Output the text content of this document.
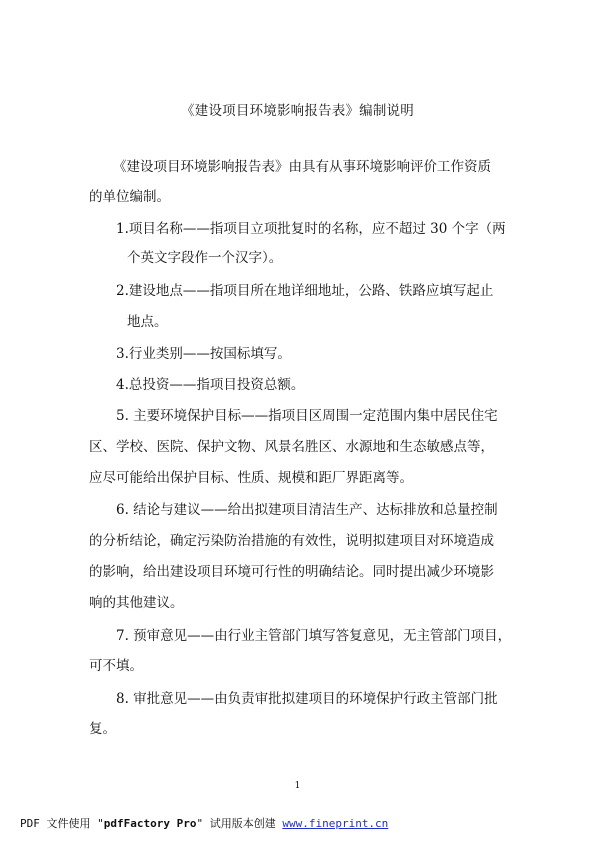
《建设项目环境影响报告表》编制说明
《建设项目环境影响报告表》由具有从事环境影响评价工作资质
的单位编制。
1.项目名称——指项目立项批复时的名称，应不超过 30 个字（两
个英文字段作一个汉字）。
2.建设地点——指项目所在地详细地址，公路、铁路应填写起止
地点。
3.行业类别——按国标填写。
4.总投资——指项目投资总额。
5. 主要环境保护目标——指项目区周围一定范围内集中居民住宅
区、学校、医院、保护文物、风景名胜区、水源地和生态敏感点等，
应尽可能给出保护目标、性质、规模和距厂界距离等。
6. 结论与建议——给出拟建项目清洁生产、达标排放和总量控制
的分析结论，确定污染防治措施的有效性，说明拟建项目对环境造成
的影响，给出建设项目环境可行性的明确结论。同时提出减少环境影
响的其他建议。
7. 预审意见——由行业主管部门填写答复意见，无主管部门项目，
可不填。
8. 审批意见——由负责审批拟建项目的环境保护行政主管部门批
复。
1
PDF 文件使用 "pdfFactory Pro" 试用版本创建 www.fineprint.cn
